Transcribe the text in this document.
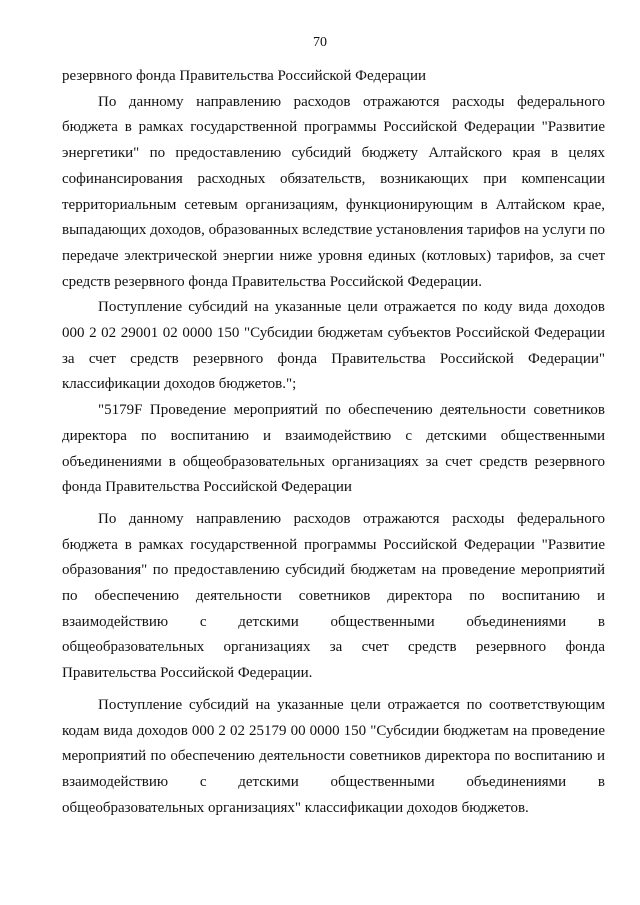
70

резервного фонда Правительства Российской Федерации

По данному направлению расходов отражаются расходы федерального бюджета в рамках государственной программы Российской Федерации "Развитие энергетики" по предоставлению субсидий бюджету Алтайского края в целях софинансирования расходных обязательств, возникающих при компенсации территориальным сетевым организациям, функционирующим в Алтайском крае, выпадающих доходов, образованных вследствие установления тарифов на услуги по передаче электрической энергии ниже уровня единых (котловых) тарифов, за счет средств резервного фонда Правительства Российской Федерации.

Поступление субсидий на указанные цели отражается по коду вида доходов 000 2 02 29001 02 0000 150 "Субсидии бюджетам субъектов Российской Федерации за счет средств резервного фонда Правительства Российской Федерации" классификации доходов бюджетов.";

"5179F Проведение мероприятий по обеспечению деятельности советников директора по воспитанию и взаимодействию с детскими общественными объединениями в общеобразовательных организациях за счет средств резервного фонда Правительства Российской Федерации

По данному направлению расходов отражаются расходы федерального бюджета в рамках государственной программы Российской Федерации "Развитие образования" по предоставлению субсидий бюджетам на проведение мероприятий по обеспечению деятельности советников директора по воспитанию и взаимодействию с детскими общественными объединениями в общеобразовательных организациях за счет средств резервного фонда Правительства Российской Федерации.

Поступление субсидий на указанные цели отражается по соответствующим кодам вида доходов 000 2 02 25179 00 0000 150 "Субсидии бюджетам на проведение мероприятий по обеспечению деятельности советников директора по воспитанию и взаимодействию с детскими общественными объединениями в общеобразовательных организациях" классификации доходов бюджетов.
